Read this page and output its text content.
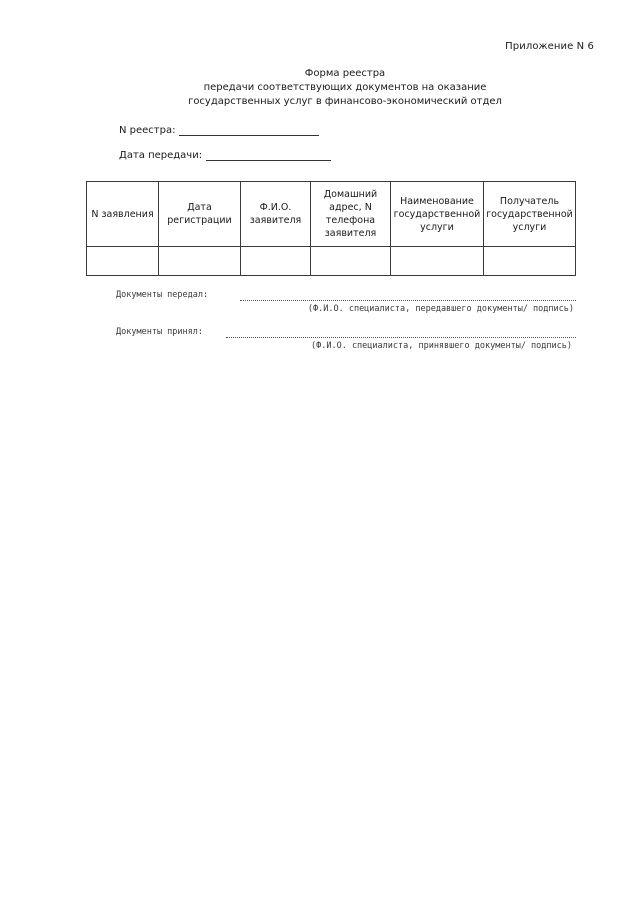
Приложение N 6
Форма реестра
передачи соответствующих документов на оказание
государственных услуг в финансово-экономический отдел
N реестра:
Дата передачи:
N заявления	Дата регистрации	Ф.И.О. заявителя	Домашний адрес, N телефона заявителя	Наименование государственной услуги	Получатель государственной услуги

Документы передал:
(Ф.И.О. специалиста, передавшего документы/ подпись)
Документы принял:
(Ф.И.О. специалиста, принявшего документы/ подпись)
